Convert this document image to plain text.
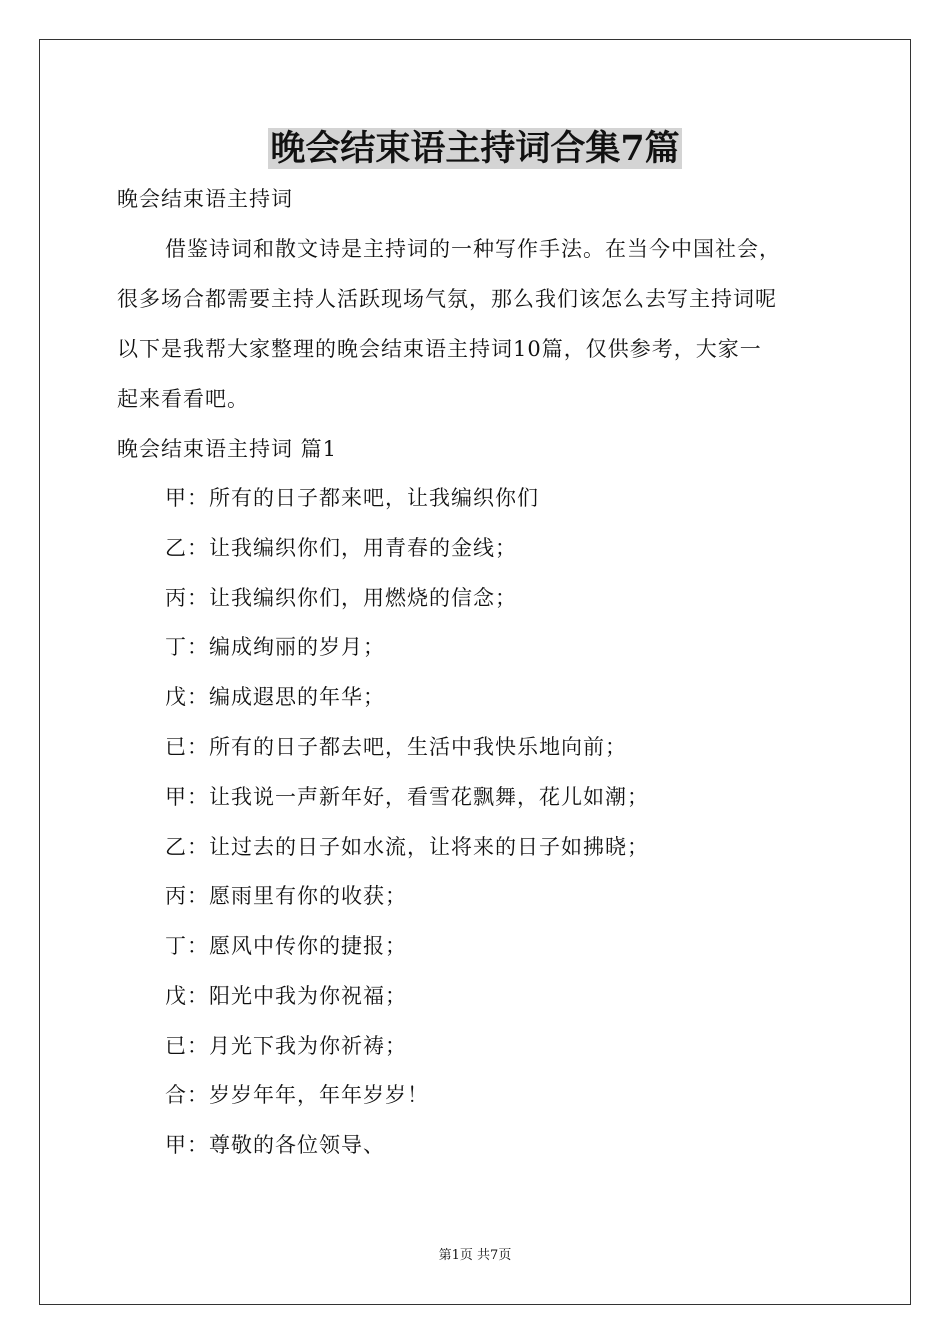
晚会结束语主持词合集7篇
晚会结束语主持词
借鉴诗词和散文诗是主持词的一种写作手法。在当今中国社会，
很多场合都需要主持人活跃现场气氛，那么我们该怎么去写主持词呢
以下是我帮大家整理的晚会结束语主持词10篇，仅供参考，大家一
起来看看吧。
晚会结束语主持词 篇1
甲：所有的日子都来吧，让我编织你们
乙：让我编织你们，用青春的金线；
丙：让我编织你们，用燃烧的信念；
丁：编成绚丽的岁月；
戊：编成遐思的年华；
已：所有的日子都去吧，生活中我快乐地向前；
甲：让我说一声新年好，看雪花飘舞，花儿如潮；
乙：让过去的日子如水流，让将来的日子如拂晓；
丙：愿雨里有你的收获；
丁：愿风中传你的捷报；
戊：阳光中我为你祝福；
已：月光下我为你祈祷；
合：岁岁年年，年年岁岁！
甲：尊敬的各位领导、
第1页 共7页
